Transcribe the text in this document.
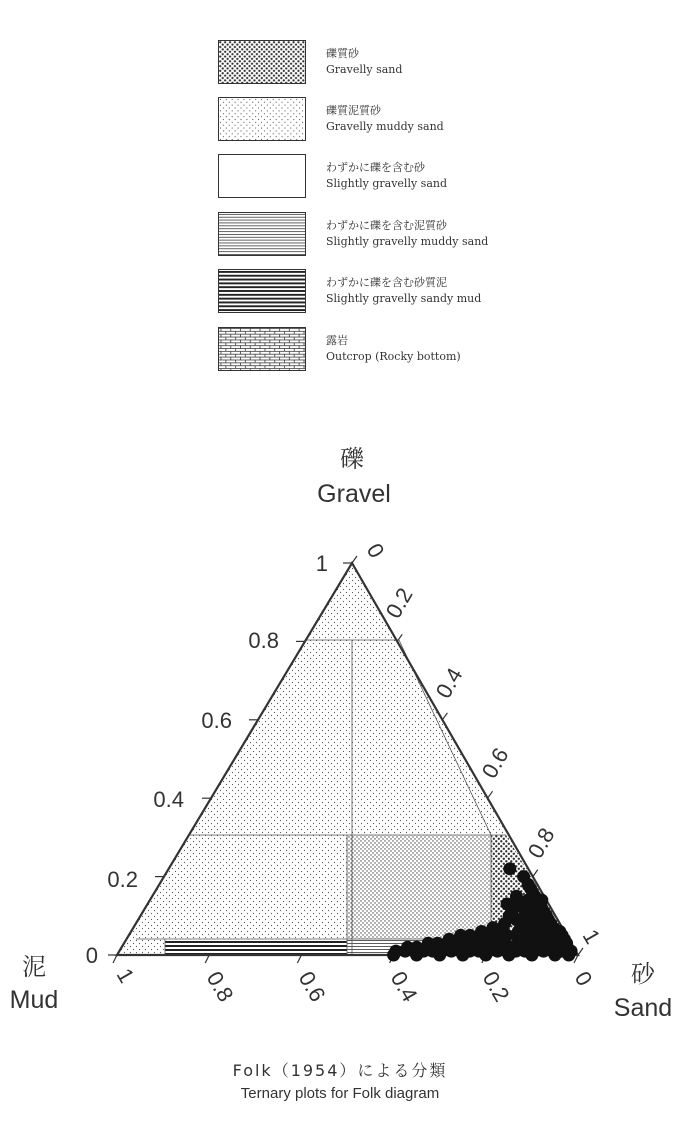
礫質砂
Gravelly sand
礫質泥質砂
Gravelly muddy sand
わずかに礫を含む砂
Slightly gravelly sand
わずかに礫を含む泥質砂
Slightly gravelly muddy sand
わずかに礫を含む砂質泥
Slightly gravelly sandy mud
露岩
Outcrop (Rocky bottom)
0
0.2
0.4
0.6
0.8
1
0
0.2
0.4
0.6
0.8
1
1	0.8	0.6	0.4	0.2	0
礫
Gravel
泥
Mud
砂
Sand
Folk（1954）による分類
Ternary plots for Folk diagram
